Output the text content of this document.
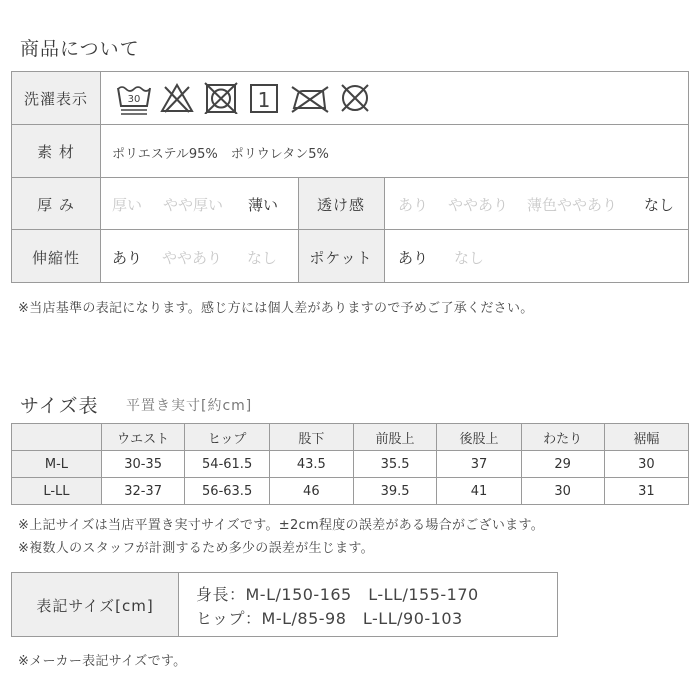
商品について
洗濯表示	30	1
素 材	ポリエステル95%　ポリウレタン5%
厚 み	厚い やや厚い 薄い	透け感	あり ややあり 薄色ややあり なし
伸縮性	あり ややあり なし	ポケット	あり なし
※当店基準の表記になります。感じ方には個人差がありますので予めご了承ください。
サイズ表 平置き実寸[約cm]
	ウエスト	ヒップ	股下	前股上	後股上	わたり	裾幅
M-L	30-35	54-61.5	43.5	35.5	37	29	30
L-LL	32-37	56-63.5	46	39.5	41	30	31
※上記サイズは当店平置き実寸サイズです。±2cm程度の誤差がある場合がございます。
※複数人のスタッフが計測するため多少の誤差が生じます。
表記サイズ[cm]
身長：M-L/150-165　L-LL/155-170
ヒップ：M-L/85-98　L-LL/90-103
※メーカー表記サイズです。
